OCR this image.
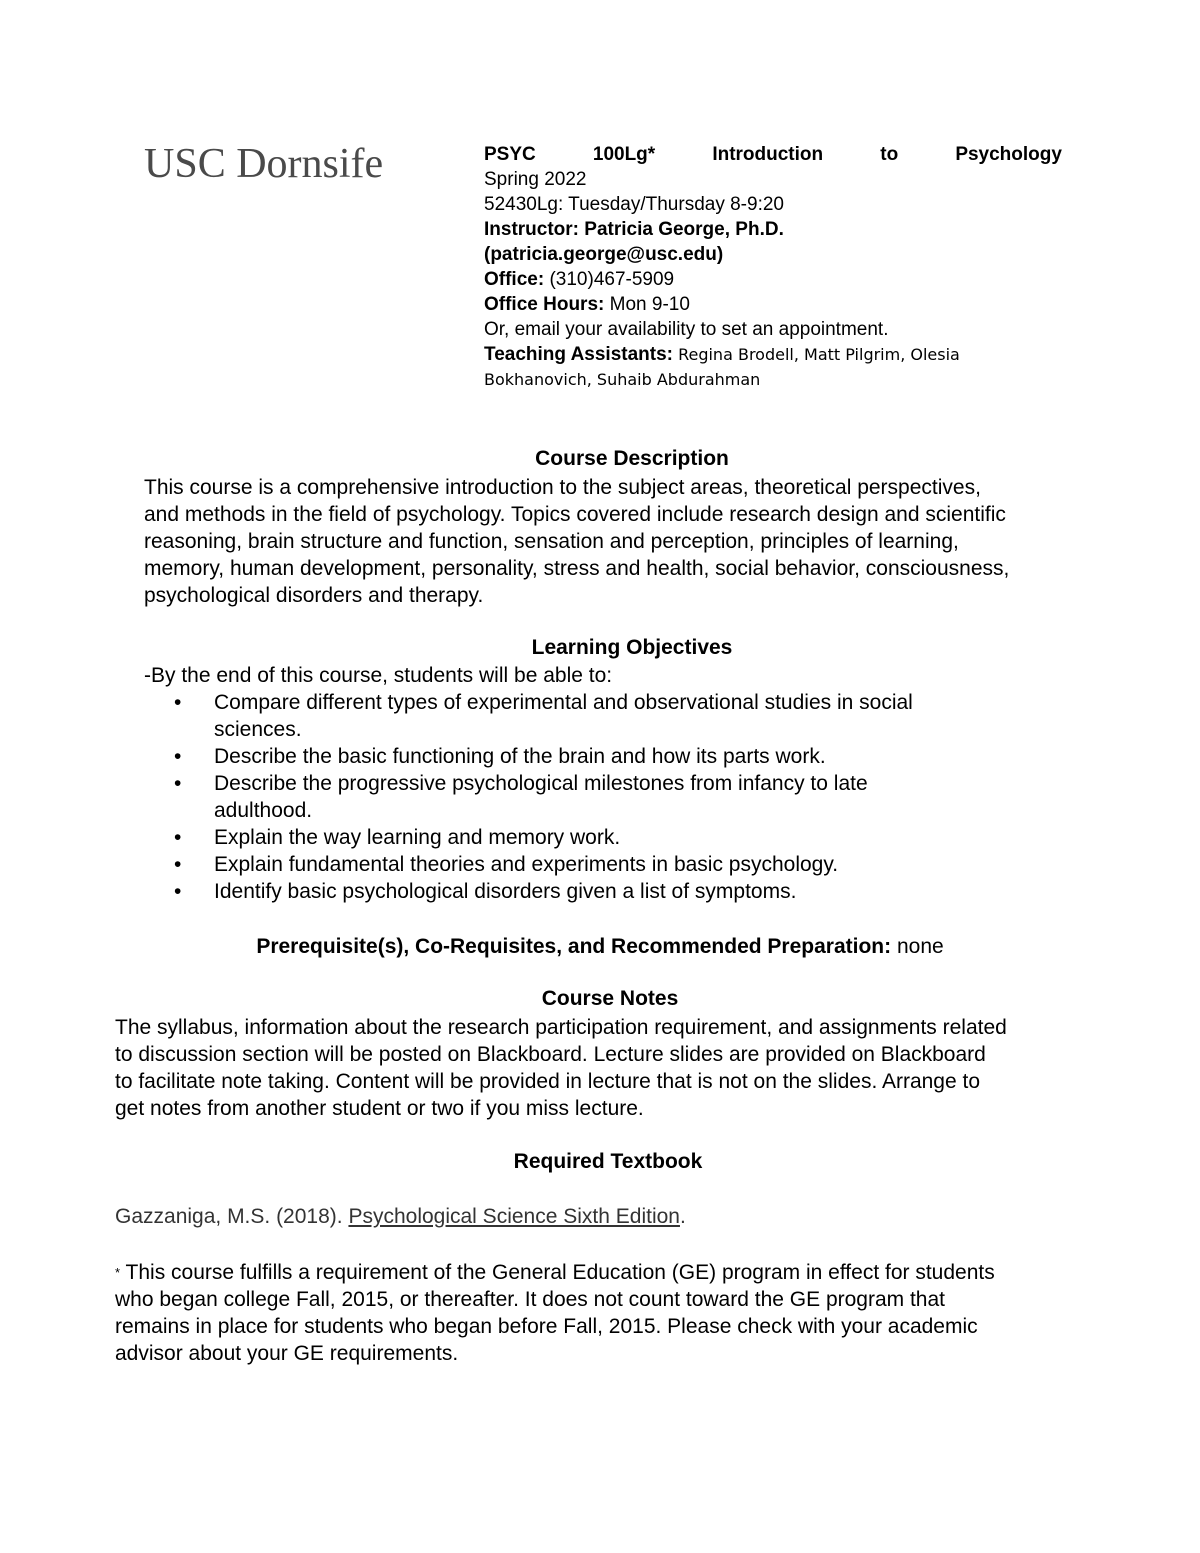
USC Dornsife	PSYC	100Lg*	Introduction	to	Psychology
Spring 2022
52430Lg: Tuesday/Thursday 8-9:20
Instructor: Patricia George, Ph.D.
(patricia.george@usc.edu)
Office: (310)467-5909
Office Hours: Mon 9-10
Or, email your availability to set an appointment.
Teaching Assistants: Regina Brodell, Matt Pilgrim, Olesia
Bokhanovich, Suhaib Abdurahman
Course Description
This course is a comprehensive introduction to the subject areas, theoretical perspectives,
and methods in the field of psychology. Topics covered include research design and scientific
reasoning, brain structure and function, sensation and perception, principles of learning,
memory, human development, personality, stress and health, social behavior, consciousness,
psychological disorders and therapy.
Learning Objectives
-By the end of this course, students will be able to:
• Compare different types of experimental and observational studies in social
sciences.
• Describe the basic functioning of the brain and how its parts work.
• Describe the progressive psychological milestones from infancy to late
adulthood.
• Explain the way learning and memory work.
• Explain fundamental theories and experiments in basic psychology.
• Identify basic psychological disorders given a list of symptoms.
Prerequisite(s), Co-Requisites, and Recommended Preparation: none
Course Notes
The syllabus, information about the research participation requirement, and assignments related
to discussion section will be posted on Blackboard. Lecture slides are provided on Blackboard
to facilitate note taking. Content will be provided in lecture that is not on the slides. Arrange to
get notes from another student or two if you miss lecture.
Required Textbook
Gazzaniga, M.S. (2018). Psychological Science Sixth Edition.
* This course fulfills a requirement of the General Education (GE) program in effect for students
who began college Fall, 2015, or thereafter. It does not count toward the GE program that
remains in place for students who began before Fall, 2015. Please check with your academic
advisor about your GE requirements.
